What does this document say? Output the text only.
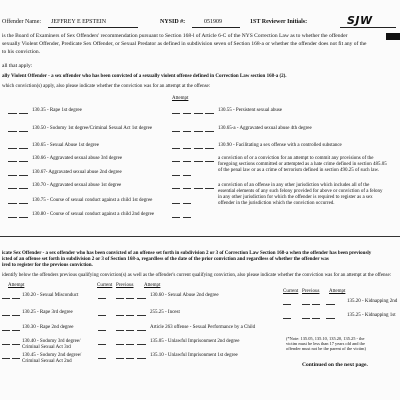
Offender Name: JEFFREY E EPSTEIN	NYSID #:	051909	1ST Reviewer Initials:	SJW
is the Board of Examiners of Sex Offenders' recommendation pursuant to Section 168-l of Article 6-C of the NYS Correction Law as to whether the offender
sexually Violent Offender, Predicate Sex Offender, or Sexual Predator as defined in subdivision seven of Section 168-a or whether the offender does not fit any of the
to his conviction.
all that apply:
ally Violent Offender - a sex offender who has been convicted of a sexually violent offense defined in Correction Law section 168-a (2).
which conviction(s) apply, also please indicate whether the conviction was for an attempt at the offense:
Attempt
130.35 - Rape 1st degree
130.50 - Sodomy 1st degree/Criminal Sexual Act 1st degree
130.65 - Sexual Abuse 1st degree
130.66 - Aggravated sexual abuse 3rd degree
130.67- Aggravated sexual abuse 2nd degree
130.70 - Aggravated sexual abuse 1st degree
130.75 - Course of sexual conduct against a child 1st degree
130.80 - Course of sexual conduct against a child 2nd degree
130.55 - Persistent sexual abuse
130.65-a - Aggravated sexual abuse 4th degree
130.90 - Facilitating a sex offense with a controlled substance
a conviction of or a conviction for an attempt to commit any provisions of the
foregoing sections committed or attempted as a hate crime defined in section 485.05
of the penal law or as a crime of terrorism defined in section 490.25 of such law.
a conviction of an offense in any other jurisdiction which includes all of the
essential elements of any such felony provided for above or conviction of a felony
in any other jurisdiction for which the offender is required to register as a sex
offender in the jurisdiction which the conviction occurred.
icate Sex Offender - a sex offender who has been convicted of an offense set forth in subdivision 2 or 3 of Correction Law Section 168-a when the offender has been previously
icted of an offense set forth in subdivision 2 or 3 of Section 168-a, regardless of the date of the prior conviction and regardless of whether the offender was
ired to register for the previous conviction.
identify below the offenders previous qualifying conviction(s) as well as the offender's current qualifying conviction, also please indicate whether the conviction was for an attempt at the offense:
Attempt	Current Previous Attempt
Current Previous Attempt
130.20 - Sexual Misconduct
130.25 - Rape 3rd degree
130.30 - Rape 2nd degree
130.40 - Sodomy 3rd degree/
Criminal Sexual Act 3rd
130.45 - Sodomy 2nd degree/
Criminal Sexual Act 2nd
130.60 - Sexual Abuse 2nd degree
255.25 - Incest
Article 263 offense - Sexual Performance by a Child
135.05 - Unlawful Imprisonment 2nd degree
135.10 - Unlawful Imprisonment 1st degree
135.20 - Kidnapping 2nd
135.25 - Kidnapping 1st
(*Note: 135.05, 135.10, 135.20, 135.25 - the
victim must be less than 17 years old and the
offender must not be the parent of the victim)
Continued on the next page.
